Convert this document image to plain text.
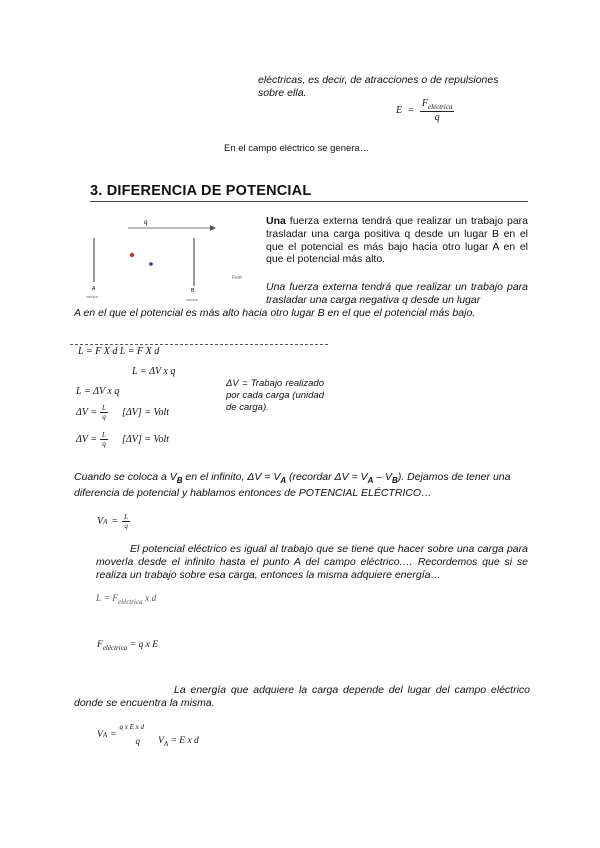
eléctricas, es decir, de atracciones o de repulsiones
sobre ella.
$E = \frac{F_{eléctrica}}{q}$
En el campo eléctrico se genera…
3. DIFERENCIA DE POTENCIAL
q
A	B
campo
campo
Fext
Una fuerza externa tendrá que realizar un trabajo para trasladar una carga positiva q desde un lugar B en el que el potencial es más bajo hacia otro lugar A en el que el potencial más alto.
Una fuerza externa tendrá que realizar un trabajo para trasladar una carga negativa q desde un lugar
A en el que el potencial es más alto hacia otro lugar B en el que el potencial más bajo.
L = F X d L = F X d
L = ΔV x q
L = ΔV x q
$\Delta V = \frac{L}{q} [\Delta V]$ = Volt
$\Delta V = \frac{L}{q} [\Delta V]$ = Volt
ΔV = Trabajo realizado por cada carga (unidad de carga).
Cuando se coloca a $V_B$ en el infinito, $\Delta V = V_A$ (recordar $\Delta V = V_A - V_B$). Dejamos de tener una diferencia de potencial y hablamos entonces de POTENCIAL ELÉCTRICO…
V $A = \frac{L}{q}$
El potencial eléctrico es igual al trabajo que se tiene que hacer sobre una carga para moverla desde el infinito hasta el punto A del campo eléctrico.… Recordemos que si se realiza un trabajo sobre esa carga, entonces la misma adquiere energía…
$L = F_{eléctrica}$ x d
$F_{eléctrica} = q$ x E
La energía que adquiere la carga depende del lugar del campo eléctrico donde se encuentra la misma.
V A =
q x E x d
q $V_A = E$ x d
